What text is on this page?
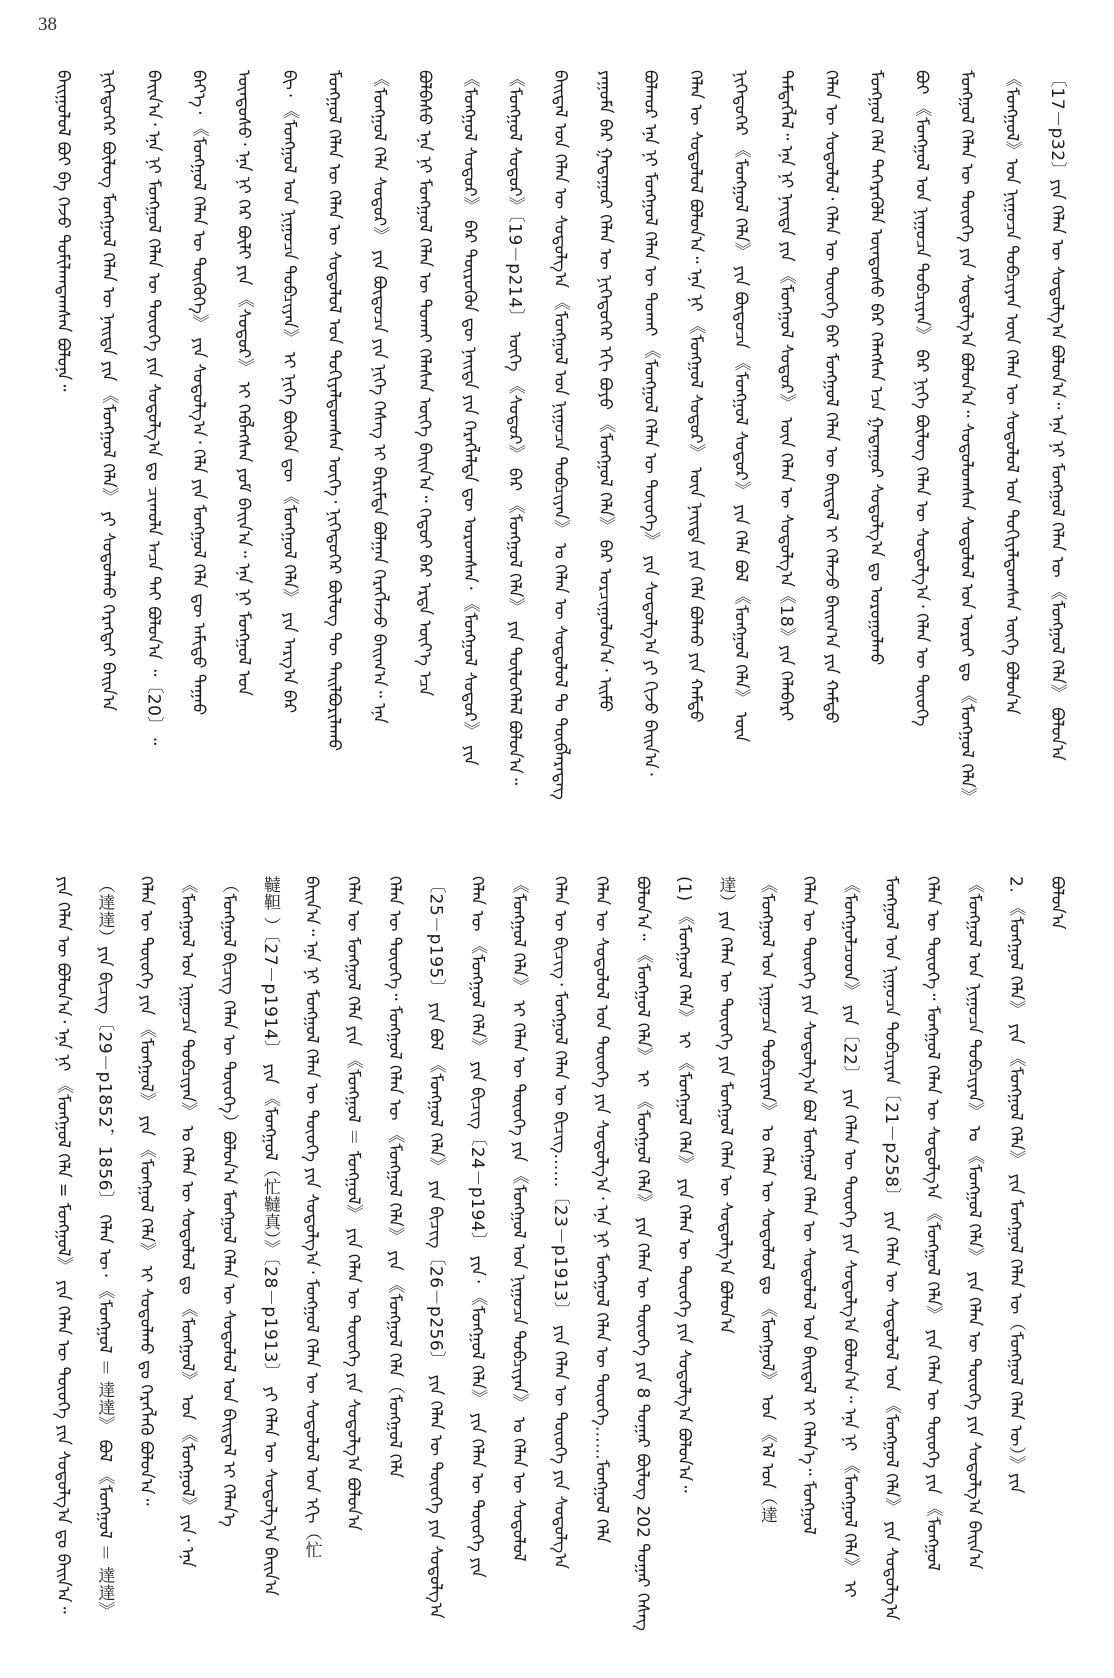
38
ᠪᠠᠢᠭᠤᠯᠤᠯ ᠪᠤᠶ ᠪᠡ ᠭᠡᠵᠦ ᠲᠤᠮᠢᠯᠠᠭᠳᠠᠭᠰᠠᠨ ᠪᠣᠯᠤᠨᠠ᠃ ᠨᠢᠭᠡᠳᠦᠭᠡᠷ ᠪᠦᠯᠦᠭ ᠮᠣᠩᠭᠣᠯ ᠬᠡᠯᠡᠨ ᠦ ᠨᠡᠢᠲᠡ ᠶᠢᠨ 《ᠮᠣᠩᠭᠣᠯ ᠬᠡᠯᠡ》 ᠶᠢ ᠰᠤᠳᠤᠯᠬᠤ ᠬᠡᠷᠡᠭᠲᠡᠢ ᠪᠠᠢᠨ᠎ᠠ ᠪᠠᠢᠨ᠎ᠠ᠂ ᠡᠨᠡ ᠨᠢ ᠮᠣᠩᠭᠣᠯ ᠬᠡᠯᠡᠨ ᠦ ᠲᠦᠦᠬᠡ ᠶᠢᠨ ᠰᠤᠳᠤᠯᠭ᠎ᠠ ᠳᠤ ᠴᠢᠬᠤᠯᠠ ᠠᠴᠠ ᠲᠠᠢ ᠪᠣᠯᠤᠨ᠎ᠠ ᠃〔20〕᠃ ᠪᠡᠶ᠎ᠡ᠂ 《ᠮᠣᠩᠭᠣᠯ ᠬᠡᠯᠡᠨ ᠦ ᠲᠦᠭᠦᠬᠡ》 ᠶᠢᠨ ᠰᠤᠳᠤᠯᠭ᠎ᠠ᠂ ᠬᠡᠯᠡ ᠶᠢᠨ ᠮᠣᠩᠭᠣᠯ ᠬᠡᠯᠡ ᠳᠦ ᠠᠮᠢᠳᠤ ᠳᠠᠭᠠᠤ ᠦᠨᠳᠦᠰᠦ᠂ ᠡᠨᠡ ᠨᠢ ᠭᠡᠷ ᠪᠦᠯᠢ ᠶᠢᠨ 《ᠰᠤᠳᠤᠷ》 ᠢ ᠬᠡᠪᠯᠡᠭᠰᠡᠨ ᠶᠤᠮ ᠪᠠᠢᠨ᠎ᠠ᠃ ᠡᠨᠡ ᠨᠢ ᠮᠣᠩᠭᠣᠯ ᠤᠨ ᠪᠢ᠂ 《ᠮᠣᠩᠭᠣᠯ ᠤᠨ ᠨᠢᠭᠤᠴᠠ ᠲᠣᠪᠴᠢᠶᠠᠨ》 ᠢ ᠨᠢᠭᠡ ᠪᠦᠬᠦᠨ ᠳᠦ 《ᠮᠣᠩᠭᠣᠯ ᠬᠡᠯᠡ》 ᠶᠢᠨ ᠠᠷᠭ᠎ᠠ ᠪᠠᠷ ᠮᠣᠩᠭᠣᠯ ᠬᠡᠯᠡᠨ ᠦ ᠬᠡᠯᠡᠨ ᠦ ᠰᠤᠳᠤᠯᠤᠯ ᠤᠨ ᠲᠣᠬᠢᠶᠠᠯᠳᠤᠭᠰᠠᠨ ᠦᠭᠡ᠂ ᠨᠢᠭᠡᠳᠦᠭᠡᠷ ᠪᠦᠯᠦᠭ ᠲᠦ ᠲᠠᠢᠯᠪᠤᠷᠢᠯᠠᠬᠤ 《ᠮᠣᠩᠭᠣᠯ ᠬᠡᠯᠡ ᠰᠤᠳᠤᠷ》 ᠶᠢᠨ ᠪᠦᠲᠦᠴᠡ ᠶᠢᠨ ᠨᠢᠭᠡ ᠬᠡᠰᠡᠭ ᠢ ᠪᠠᠷᠢᠮᠲᠠ ᠪᠣᠯᠭᠠᠨ ᠬᠡᠷᠡᠭᠯᠡᠵᠦ ᠪᠠᠢᠭ᠎ᠠ᠃ ᠡᠨᠡ ᠪᠣᠯᠪᠠᠰᠤ ᠡᠨᠡ ᠨᠢ ᠮᠣᠩᠭᠣᠯ ᠬᠡᠯᠡᠨ ᠦ ᠲᠤᠬᠠᠢ ᠬᠡᠯᠡᠰᠡᠨ ᠦᠭᠡ ᠪᠠᠢᠨ᠎ᠠ᠃ ᠬᠡᠳᠦᠢ ᠪᠡᠷ ᠡᠷᠲᠡ ᠦᠶ᠎ᠡ ᠡᠴᠡ 《ᠮᠣᠩᠭᠣᠯ ᠰᠤᠳᠤᠷ》 ᠪᠠᠷ ᠲᠦᠷᠦᠭᠦᠨ ᠳᠦ ᠨᠡᠢᠲᠡ ᠶᠢᠨ ᠬᠡᠷᠡᠭᠯᠡᠯᠲᠡ ᠳᠦ ᠣᠷᠤᠭᠰᠠᠨ᠂ 《ᠮᠣᠩᠭᠣᠯ ᠰᠤᠳᠤᠷ》 ᠶᠢᠨ 《ᠮᠣᠩᠭᠣᠯ ᠰᠤᠳᠤᠷ》〔19－p214〕 ᠦᠭᠡ 《ᠰᠤᠳᠤᠷ》 ᠪᠠᠷ 《ᠮᠣᠩᠭᠣᠯ ᠬᠡᠯᠡ》 ᠶᠢᠨ ᠲᠥᠯᠥᠭᠡᠯᠡᠯ ᠪᠣᠯᠤᠨ᠎ᠠ᠃ ᠪᠠᠢᠳᠠᠯ ᠤᠨ ᠬᠡᠯᠡᠨ ᠦ ᠰᠤᠳᠤᠯᠭ᠎ᠠ 《ᠮᠣᠩᠭᠣᠯ ᠤᠨ ᠨᠢᠭᠤᠴᠠ ᠲᠣᠪᠴᠢᠶᠠᠨ》 ᠤ ᠬᠡᠯᠡᠨ ᠦ ᠰᠤᠳᠤᠯᠤᠯ ᠲᠤ ᠲᠥᠪᠯᠡᠷᠡᠳᠡᠭ ᠶᠠᠭᠤᠮᠠ ᠪᠠᠷ ᠭᠠᠳᠠᠭᠤᠷ ᠬᠡᠯᠡᠨ ᠦ ᠨᠢᠭᠡᠳᠦᠭᠡᠷ ᠡᠬᠢ ᠪᠤᠶᠤ 《ᠮᠣᠩᠭᠣᠯ ᠬᠡᠯᠡ》 ᠪᠠᠷ ᠣᠷᠴᠢᠭᠤᠯᠤᠨ᠎ᠠ᠂ ᠡᠢᠮᠦ ᠪᠣᠯᠬᠣᠷ ᠡᠨᠡ ᠨᠢ ᠮᠣᠩᠭᠣᠯ ᠬᠡᠯᠡᠨ ᠦ ᠲᠤᠬᠠᠢ 《ᠮᠣᠩᠭᠣᠯ ᠬᠡᠯᠡᠨ ᠦ ᠲᠦᠦᠬᠡ》 ᠶᠢᠨ ᠰᠤᠳᠤᠯᠭ᠎ᠠ ᠶᠢ ᠬᠢᠵᠦ ᠪᠠᠢᠨ᠎ᠠ᠂ ᠬᠡᠯᠡᠨ ᠦ ᠰᠤᠳᠤᠯᠤᠯ ᠪᠣᠯᠤᠨ᠎ᠠ᠃ ᠡᠨᠡ ᠨᠢ 《ᠮᠣᠩᠭᠣᠯ ᠰᠤᠳᠤᠷ》 ᠦᠨ ᠨᠡᠢᠲᠡ ᠶᠢᠨ ᠬᠡᠯᠡ ᠪᠣᠯᠬᠣ ᠶᠢᠨ ᠬᠠᠮᠲᠤ ᠨᠢᠭᠡᠳᠦᠭᠡᠷ 《ᠮᠣᠩᠭᠣᠯ ᠬᠡᠯᠡ》 ᠶᠢᠨ ᠪᠦᠲᠦᠴᠡ 《ᠮᠣᠩᠭᠣᠯ ᠰᠤᠳᠤᠷ》 ᠶᠢᠨ ᠬᠡᠯᠡ ᠪᠣᠯ 《ᠮᠣᠩᠭᠣᠯ ᠬᠡᠯᠡ》 ᠦᠨ ᠲᠡᠮᠳᠡᠭᠯᠡᠯ᠃ ᠡᠨᠡ ᠨᠢ ᠨᠡᠢᠲᠡ ᠶᠢᠨ 《ᠮᠣᠩᠭᠣᠯ ᠰᠤᠳᠤᠷ》 ᠦᠨ ᠬᠡᠯᠡᠨ ᠦ ᠰᠤᠳᠤᠯᠭ᠎ᠠ《18》ᠶᠢᠨ ᠬᠡᠯᠡᠪᠡᠷᠢ ᠬᠡᠯᠡᠨ ᠦ ᠰᠤᠳᠤᠯᠤᠯ᠂ ᠬᠡᠯᠡᠨ ᠦ ᠲᠦᠦᠬᠡ ᠪᠡᠷ ᠮᠣᠩᠭᠣᠯ ᠬᠡᠯᠡᠨ ᠦ ᠪᠠᠢᠳᠠᠯ ᠢ ᠬᠡᠯᠡᠵᠦ ᠪᠠᠢᠭ᠎ᠠ ᠶᠢᠨ ᠬᠠᠮᠲᠤ ᠮᠣᠩᠭᠣᠯ ᠬᠡᠯᠡ ᠲᠡᠭᠡᠷᠡᠭᠦᠯᠡ ᠦᠨᠳᠦᠰᠦ ᠪᠠᠷ ᠬᠡᠯᠡᠭᠰᠡᠨ ᠡᠴᠡ ᠭᠠᠳᠠᠭᠤᠷ ᠰᠤᠳᠤᠯᠭ᠎ᠠ ᠳᠤ ᠣᠷᠤᠭᠤᠯᠬᠤ ᠪᠤᠢ 《ᠮᠣᠩᠭᠣᠯ ᠤᠨ ᠨᠢᠭᠤᠴᠠ ᠲᠣᠪᠴᠢᠶᠠᠨ》 ᠪᠠᠷ ᠨᠢᠭᠡ ᠪᠦᠯᠦᠭ ᠬᠡᠯᠡᠨ ᠦ ᠰᠤᠳᠤᠯᠭ᠎ᠠ᠂ ᠬᠡᠯᠡᠨ ᠦ ᠲᠦᠦᠬᠡ ᠮᠣᠩᠭᠣᠯ ᠬᠡᠯᠡᠨ ᠦ ᠲᠦᠦᠬᠡ ᠶᠢᠨ ᠰᠤᠳᠤᠯᠭ᠎ᠠ ᠪᠣᠯᠤᠨ᠎ᠠ᠃ ᠰᠤᠳᠤᠯᠤᠭᠰᠠᠨ ᠰᠤᠳᠤᠯᠤᠯ ᠤᠨ ᠣᠷᠤᠢ ᠳᠤ 《ᠮᠣᠩᠭᠣᠯ ᠬᠡᠯᠡ》 《ᠮᠣᠩᠭᠣᠯ》ᠤᠨ ᠨᠢᠭᠤᠴᠠ ᠲᠣᠪᠴᠢᠶᠠᠨ ᠦᠨ ᠬᠡᠯᠡᠨ ᠦ ᠰᠤᠳᠤᠯᠤᠯ ᠤᠨ ᠲᠣᠬᠢᠶᠠᠯᠳᠤᠭᠰᠠᠨ ᠦᠭᠡ ᠪᠣᠯᠤᠨ᠎ᠠ 〔17－p32〕ᠶᠢᠨ ᠬᠡᠯᠡᠨ ᠦ ᠰᠤᠳᠤᠯᠭ᠎ᠠ ᠪᠣᠯᠤᠨ᠎ᠠ᠃ ᠡᠨᠡ ᠨᠢ ᠮᠣᠩᠭᠣᠯ ᠬᠡᠯᠡᠨ ᠦ 《ᠮᠣᠩᠭᠣᠯ ᠬᠡᠯᠡ》 ᠪᠣᠯᠤᠨ᠎ᠠ
ᠶᠢᠨ ᠬᠡᠯᠡᠨ ᠦ ᠪᠣᠯᠣᠨ᠎ᠠ᠂ ᠡᠨᠡ ᠨᠢ 《ᠮᠣᠩᠭᠣᠯ ᠬᠡᠯᠡ = ᠮᠣᠩᠭᠣᠯ》 ᠶᠢᠨ ᠬᠡᠯᠡᠨ ᠦ ᠲᠦᠦᠬᠡ ᠶᠢᠨ ᠰᠤᠳᠤᠯᠭ᠎ᠠ ᠳᠤ ᠪᠠᠢᠨ᠎ᠠ᠃ （達達）ᠶᠢᠨ ᠪᠢᠴᠢᠭ〔29－p1852，1856〕 ᠬᠡᠯᠡᠨ ᠦ᠂ 《ᠮᠣᠩᠭᠣᠯ ＝ 達達》 ᠪᠣᠯ 《ᠮᠣᠩᠭᠣᠯ ＝ 達達》 ᠬᠡᠯᠡᠨ ᠦ ᠲᠦᠦᠬᠡ ᠶᠢᠨ 《ᠮᠣᠩᠭᠣᠯ》 ᠶᠢᠨ 《ᠮᠣᠩᠭᠣᠯ ᠬᠡᠯᠡ》 ᠢ ᠰᠤᠳᠤᠯᠬᠤ ᠳᠤ ᠬᠡᠷᠡᠭᠯᠡᠬᠦ ᠪᠣᠯᠤᠨ᠎ᠠ᠃ 《ᠮᠣᠩᠭᠣᠯ ᠤᠨ ᠨᠢᠭᠤᠴᠠ ᠲᠣᠪᠴᠢᠶᠠᠨ》 ᠤ ᠬᠡᠯᠡᠨ ᠦ ᠰᠤᠳᠤᠯᠤᠯ ᠳᠤ 《ᠮᠣᠩᠭᠣᠯ》 ᠤᠨ 《ᠮᠣᠩᠭᠣᠯ》ᠶᠢᠨ᠂ ᠡᠨᠡ （ᠮᠣᠩᠭᠣᠯ ᠪᠢᠴᠢᠭ ᠬᠡᠯᠡᠨ ᠦ ᠲᠦᠦᠬᠡ）ᠪᠣᠯᠤᠨ᠎ᠠ ᠮᠣᠩᠭᠣᠯ ᠬᠡᠯᠡᠨ ᠦ ᠰᠤᠳᠤᠯᠤᠯ ᠤᠨ ᠪᠠᠢᠳᠠᠯ ᠢ ᠬᠡᠯᠡᠨ᠎ᠡ 韃靼 ）〔27－p1914〕 ᠶᠢᠨ 《ᠮᠣᠩᠭᠣᠯ（忙韃真）》〔28－p1913〕 ᠶᠢ ᠬᠡᠯᠡᠨ ᠦ ᠰᠤᠳᠤᠯᠭ᠎ᠠ ᠪᠠᠢᠨ᠎ᠠ ᠪᠠᠢᠨ᠎ᠠ᠃ ᠡᠨᠡ ᠨᠢ ᠮᠣᠩᠭᠣᠯ ᠬᠡᠯᠡᠨ ᠦ ᠲᠦᠦᠬᠡ ᠶᠢᠨ ᠰᠤᠳᠤᠯᠭ᠎ᠠ᠂ ᠮᠣᠩᠭᠣᠯ ᠬᠡᠯᠡᠨ ᠦ ᠰᠤᠳᠤᠯᠤᠯ ᠤᠨ ᠡᠬᠢ（忙 ᠬᠡᠯᠡᠨ ᠦ ᠮᠣᠩᠭᠣᠯ ᠬᠡᠯᠡ ᠶᠢᠨ 《ᠮᠣᠩᠭᠣᠯ ＝ ᠮᠣᠩᠭᠣᠯ》 ᠶᠢᠨ ᠬᠡᠯᠡᠨ ᠦ ᠲᠦᠦᠬᠡ ᠶᠢᠨ ᠰᠤᠳᠤᠯᠭ᠎ᠠ ᠪᠣᠯᠤᠨ᠎ᠠ ᠬᠡᠯᠡᠨ ᠦ ᠲᠦᠦᠬᠡ᠃ ᠮᠣᠩᠭᠣᠯ ᠬᠡᠯᠡᠨ ᠦ 《ᠮᠣᠩᠭᠣᠯ ᠬᠡᠯᠡ》 ᠶᠢᠨ 《ᠮᠣᠩᠭᠣᠯ ᠬᠡᠯᠡ（ᠮᠣᠩᠭᠣᠯ ᠬᠡᠯᠡ 〔25－p195〕 ᠶᠢᠨ ᠪᠣᠯ 《ᠮᠣᠩᠭᠣᠯ ᠬᠡᠯᠡ》 ᠶᠢᠨ ᠪᠢᠴᠢᠭ〔26－p256〕 ᠶᠢᠨ ᠬᠡᠯᠡᠨ ᠦ ᠲᠦᠦᠬᠡ ᠶᠢᠨ ᠰᠤᠳᠤᠯᠭ᠎ᠠ ᠬᠡᠯᠡᠨ ᠦ 《ᠮᠣᠩᠭᠣᠯ ᠬᠡᠯᠡ》 ᠶᠢᠨ ᠪᠢᠴᠢᠭ〔24－p194〕 ᠶᠢᠨ᠂ 《ᠮᠣᠩᠭᠣᠯ ᠬᠡᠯᠡ》 ᠶᠢᠨ ᠬᠡᠯᠡᠨ ᠦ ᠲᠦᠦᠬᠡ ᠶᠢᠨ 《ᠮᠣᠩᠭᠣᠯ ᠬᠡᠯᠡ》 ᠢ ᠬᠡᠯᠡᠨ ᠦ ᠲᠦᠦᠬᠡ ᠶᠢᠨ 《ᠮᠣᠩᠭᠣᠯ ᠤᠨ ᠨᠢᠭᠤᠴᠠ ᠲᠣᠪᠴᠢᠶᠠᠨ》 ᠤ ᠬᠡᠯᠡᠨ ᠦ ᠰᠤᠳᠤᠯᠤᠯ ᠬᠡᠯᠡᠨ ᠦ ᠪᠢᠴᠢᠭ᠂ ᠮᠣᠩᠭᠣᠯ ᠬᠡᠯᠡᠨ ᠦ ᠪᠢᠴᠢᠭ……〔23－p1913〕 ᠶᠢᠨ ᠬᠡᠯᠡᠨ ᠦ ᠲᠦᠦᠬᠡ ᠶᠢᠨ ᠰᠤᠳᠤᠯᠭ᠎ᠠ ᠬᠡᠯᠡᠨ ᠦ ᠰᠤᠳᠤᠯᠤᠯ ᠤᠨ ᠲᠦᠦᠬᠡ ᠶᠢᠨ ᠰᠤᠳᠤᠯᠭ᠎ᠠ᠂ ᠡᠨᠡ ᠨᠢ ᠮᠣᠩᠭᠣᠯ ᠬᠡᠯᠡᠨ ᠦ ᠲᠦᠦᠬᠡ……ᠮᠣᠩᠭᠣᠯ ᠬᠡᠯᠡ ᠪᠣᠯᠤᠨ᠎ᠠ᠃ 《ᠮᠣᠩᠭᠣᠯ ᠬᠡᠯᠡ》 ᠢ 《ᠮᠣᠩᠭᠣᠯ ᠬᠡᠯᠡ》 ᠶᠢᠨ ᠬᠡᠯᠡᠨ ᠦ ᠲᠦᠦᠬᠡ ᠶᠢᠨ 8 ᠳᠤᠭᠠᠷ ᠪᠦᠯᠦᠭ 202 ᠳᠤᠭᠠᠷ ᠬᠡᠰᠡᠭ (1) 《ᠮᠣᠩᠭᠣᠯ ᠬᠡᠯᠡ》 ᠢ 《ᠮᠣᠩᠭᠣᠯ ᠬᠡᠯᠡ》 ᠶᠢᠨ ᠬᠡᠯᠡᠨ ᠦ ᠲᠦᠦᠬᠡ ᠶᠢᠨ ᠰᠤᠳᠤᠯᠭ᠎ᠠ ᠪᠣᠯᠤᠨ᠎ᠠ᠃ 達）ᠶᠢᠨ ᠬᠡᠯᠡᠨ ᠦ ᠲᠦᠦᠬᠡ ᠶᠢᠨ ᠮᠣᠩᠭᠣᠯ ᠬᠡᠯᠡᠨ ᠦ ᠰᠤᠳᠤᠯᠭ᠎ᠠ ᠪᠣᠯᠤᠨ᠎ᠠ 《ᠮᠣᠩᠭᠣᠯ ᠤᠨ ᠨᠢᠭᠤᠴᠠ ᠲᠣᠪᠴᠢᠶᠠᠨ》 ᠤ ᠬᠡᠯᠡᠨ ᠦ ᠰᠤᠳᠤᠯᠤᠯ ᠳᠤ 《ᠮᠣᠩᠭᠣᠯ》 ᠤᠨ 《ᠡᠯ ᠤᠨ（達 ᠬᠡᠯᠡᠨ ᠦ ᠲᠦᠦᠬᠡ ᠶᠢᠨ ᠰᠤᠳᠤᠯᠭ᠎ᠠ ᠪᠣᠯ ᠮᠣᠩᠭᠣᠯ ᠬᠡᠯᠡᠨ ᠦ ᠰᠤᠳᠤᠯᠤᠯ ᠤᠨ ᠪᠠᠢᠳᠠᠯ ᠢ ᠬᠡᠯᠡᠨ᠎ᠡ᠃ ᠮᠣᠩᠭᠣᠯ 《ᠮᠣᠩᠭᠣᠯᠴᠤᠳ》 ᠶᠢᠨ〔22〕 ᠶᠢᠨ ᠬᠡᠯᠡᠨ ᠦ ᠲᠦᠦᠬᠡ ᠶᠢᠨ ᠰᠤᠳᠤᠯᠭ᠎ᠠ ᠪᠣᠯᠤᠨ᠎ᠠ᠃ ᠡᠨᠡ ᠨᠢ 《ᠮᠣᠩᠭᠣᠯ ᠬᠡᠯᠡ》 ᠢ ᠮᠣᠩᠭᠣᠯ ᠤᠨ ᠨᠢᠭᠤᠴᠠ ᠲᠣᠪᠴᠢᠶᠠᠨ〔21－p258〕 ᠶᠢᠨ ᠬᠡᠯᠡᠨ ᠦ ᠰᠤᠳᠤᠯᠤᠯ ᠤᠨ 《ᠮᠣᠩᠭᠣᠯ ᠬᠡᠯᠡ》 ᠶᠢᠨ ᠰᠤᠳᠤᠯᠭ᠎ᠠ ᠬᠡᠯᠡᠨ ᠦ ᠲᠦᠦᠬᠡ᠃ ᠮᠣᠩᠭᠣᠯ ᠬᠡᠯᠡᠨ ᠦ ᠰᠤᠳᠤᠯᠭ᠎ᠠ 《ᠮᠣᠩᠭᠣᠯ ᠬᠡᠯᠡ》 ᠶᠢᠨ ᠬᠡᠯᠡᠨ ᠦ ᠲᠦᠦᠬᠡ ᠶᠢᠨ 《ᠮᠣᠩᠭᠣᠯ 《ᠮᠣᠩᠭᠣᠯ ᠤᠨ ᠨᠢᠭᠤᠴᠠ ᠲᠣᠪᠴᠢᠶᠠᠨ》 ᠤ 《ᠮᠣᠩᠭᠣᠯ ᠬᠡᠯᠡ》 ᠶᠢᠨ ᠬᠡᠯᠡᠨ ᠦ ᠲᠦᠦᠬᠡ ᠶᠢᠨ ᠰᠤᠳᠤᠯᠭ᠎ᠠ ᠪᠠᠢᠨ᠎ᠠ 2. 《ᠮᠣᠩᠭᠣᠯ ᠬᠡᠯᠡ》 ᠶᠢᠨ 《ᠮᠣᠩᠭᠣᠯ ᠬᠡᠯᠡ》 ᠶᠢᠨ ᠮᠣᠩᠭᠣᠯ ᠬᠡᠯᠡᠨ ᠦ（ᠮᠣᠩᠭᠣᠯ ᠬᠡᠯᠡᠨ ᠦ）》ᠶᠢᠨ ᠪᠣᠯᠤᠨ᠎ᠠ
